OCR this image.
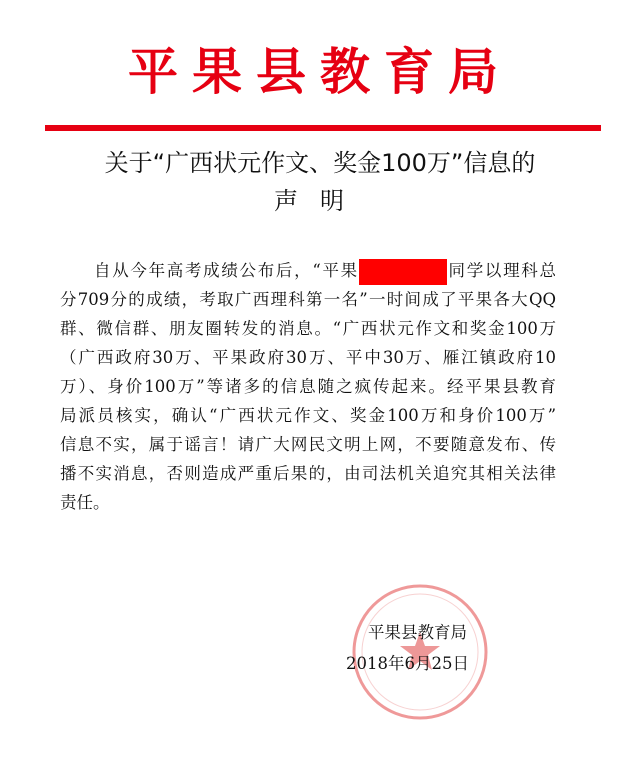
平果县教育局
关于“广西状元作文、奖金100万”信息的
声明
自从今年高考成绩公布后，“平果	同学以理科总
分709分的成绩，考取广西理科第一名”一时间成了平果各大QQ
群、微信群、朋友圈转发的消息。“广西状元作文和奖金100万
（广西政府30万、平果政府30万、平中30万、雁江镇政府10
万）、身价100万”等诸多的信息随之疯传起来。经平果县教育
局派员核实，确认“广西状元作文、奖金100万和身价100万”
信息不实，属于谣言！请广大网民文明上网，不要随意发布、传
播不实消息，否则造成严重后果的，由司法机关追究其相关法律
责任。
平果县教育局
2018年6月25日
